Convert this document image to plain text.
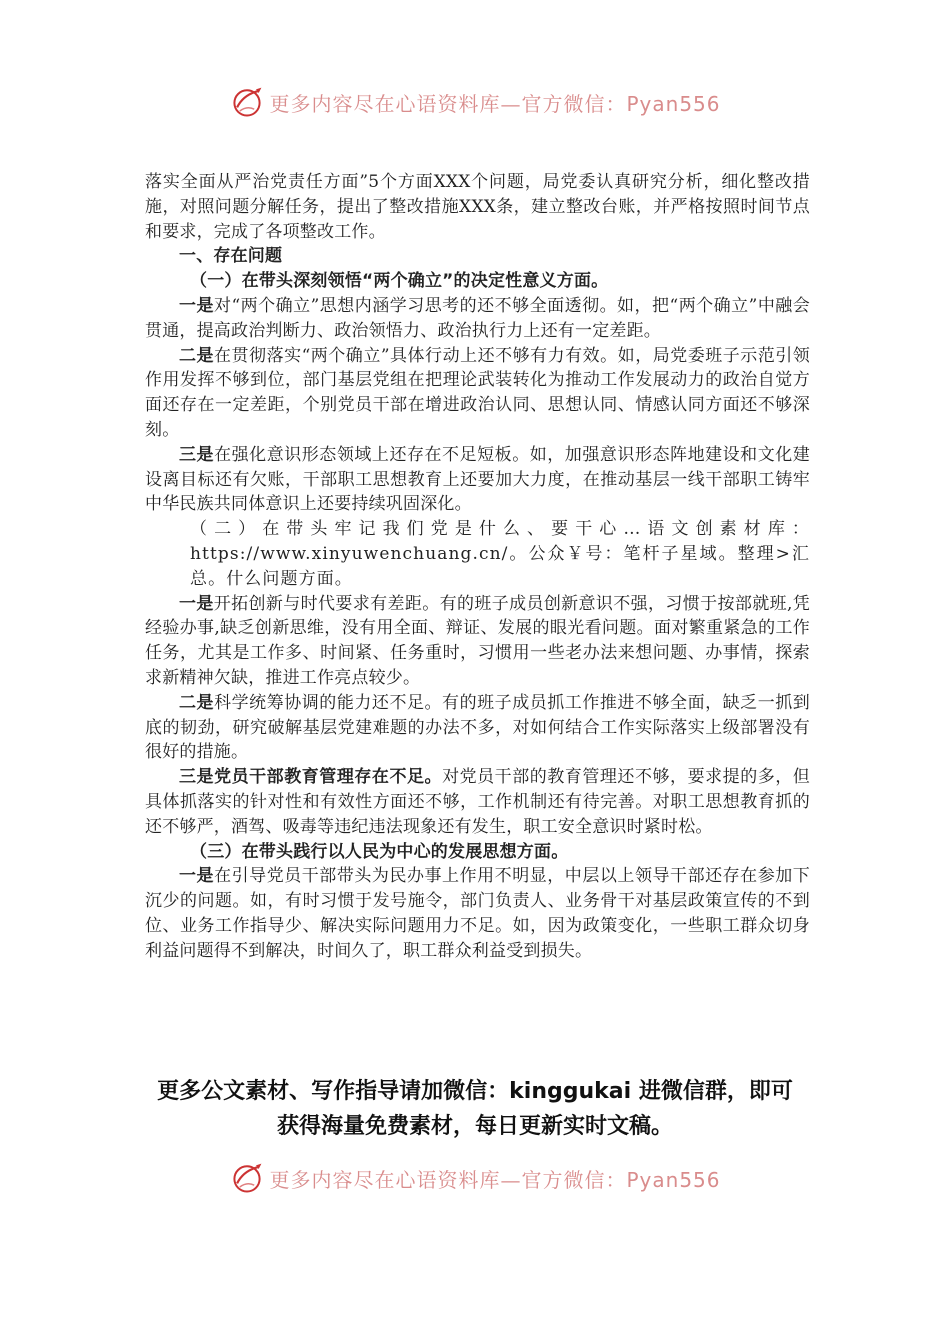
更多内容尽在心语资料库—官方微信：Pyan556

落实全面从严治党责任方面”5个方面XXX个问题，局党委认真研究分析，细化整改措施，对照问题分解任务，提出了整改措施XXX条，建立整改台账，并严格按照时间节点和要求，完成了各项整改工作。

一、存在问题

（一）在带头深刻领悟“两个确立”的决定性意义方面。

一是对“两个确立”思想内涵学习思考的还不够全面透彻。如，把“两个确立”中融会贯通，提高政治判断力、政治领悟力、政治执行力上还有一定差距。

二是在贯彻落实“两个确立”具体行动上还不够有力有效。如，局党委班子示范引领作用发挥不够到位，部门基层党组在把理论武装转化为推动工作发展动力的政治自觉方面还存在一定差距，个别党员干部在增进政治认同、思想认同、情感认同方面还不够深刻。

三是在强化意识形态领域上还存在不足短板。如，加强意识形态阵地建设和文化建设离目标还有欠账，干部职工思想教育上还要加大力度，在推动基层一线干部职工铸牢中华民族共同体意识上还要持续巩固深化。

（二）在带头牢记我们党是什么、要干心…语文创素材库：https://www.xinyuwenchuang.cn/。公众￥号：笔杆子星域。整理>汇总。什么问题方面。

一是开拓创新与时代要求有差距。有的班子成员创新意识不强，习惯于按部就班,凭经验办事,缺乏创新思维，没有用全面、辩证、发展的眼光看问题。面对繁重紧急的工作任务，尤其是工作多、时间紧、任务重时，习惯用一些老办法来想问题、办事情，探索求新精神欠缺，推进工作亮点较少。

二是科学统筹协调的能力还不足。有的班子成员抓工作推进不够全面，缺乏一抓到底的韧劲，研究破解基层党建难题的办法不多，对如何结合工作实际落实上级部署没有很好的措施。

三是党员干部教育管理存在不足。对党员干部的教育管理还不够，要求提的多，但具体抓落实的针对性和有效性方面还不够，工作机制还有待完善。对职工思想教育抓的还不够严，酒驾、吸毒等违纪违法现象还有发生，职工安全意识时紧时松。

（三）在带头践行以人民为中心的发展思想方面。

一是在引导党员干部带头为民办事上作用不明显，中层以上领导干部还存在参加下沉少的问题。如，有时习惯于发号施令，部门负责人、业务骨干对基层政策宣传的不到位、业务工作指导少、解决实际问题用力不足。如，因为政策变化，一些职工群众切身利益问题得不到解决，时间久了，职工群众利益受到损失。

更多公文素材、写作指导请加微信：kinggukai 进微信群，即可
获得海量免费素材，每日更新实时文稿。
更多内容尽在心语资料库—官方微信：Pyan556
